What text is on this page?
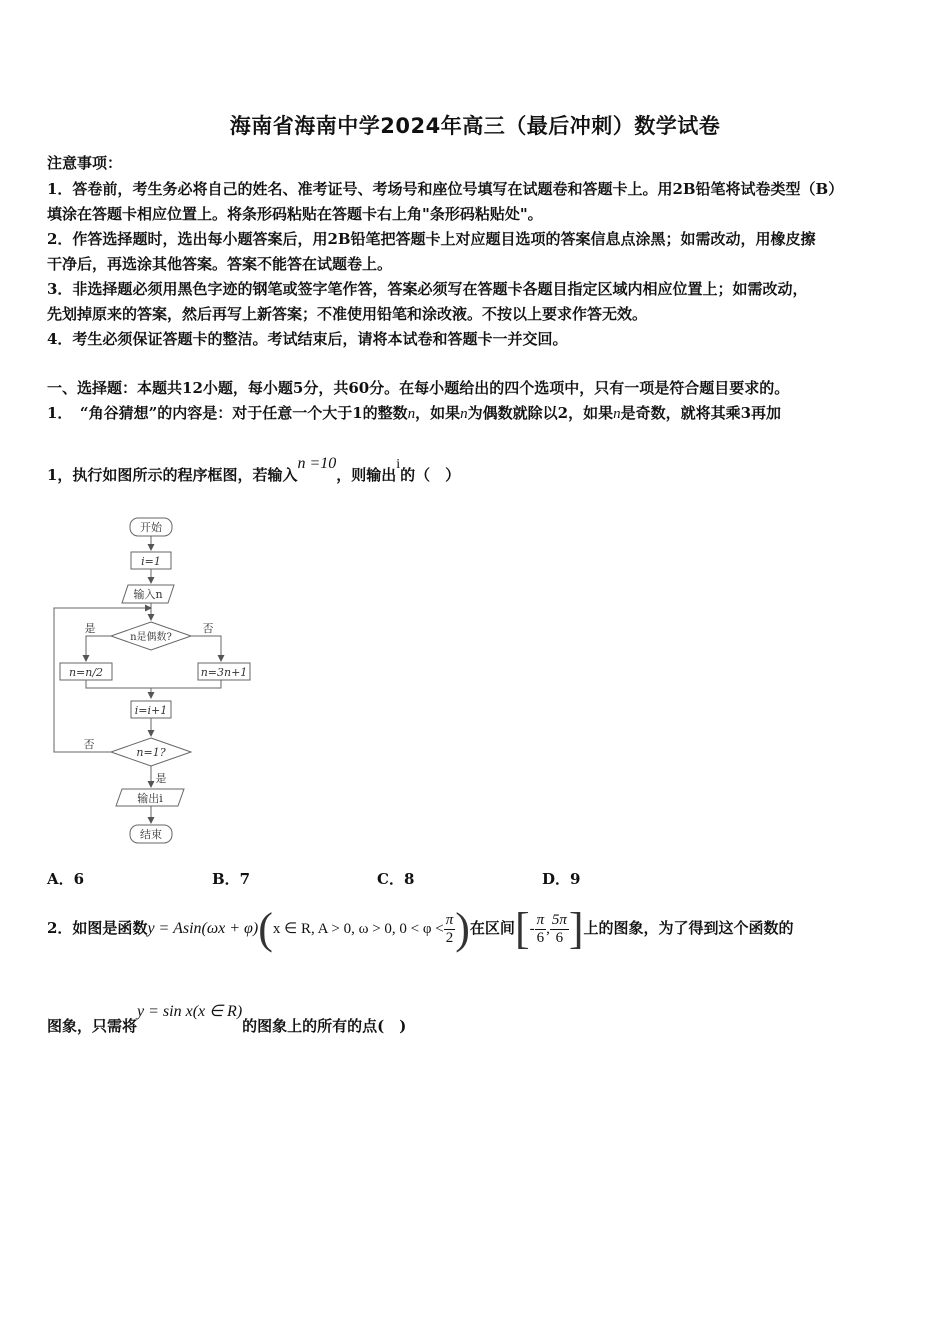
海南省海南中学2024年高三（最后冲刺）数学试卷
注意事项：
1．答卷前，考生务必将自己的姓名、准考证号、考场号和座位号填写在试题卷和答题卡上。用2B铅笔将试卷类型（B）
填涂在答题卡相应位置上。将条形码粘贴在答题卡右上角"条形码粘贴处"。
2．作答选择题时，选出每小题答案后，用2B铅笔把答题卡上对应题目选项的答案信息点涂黑；如需改动，用橡皮擦
干净后，再选涂其他答案。答案不能答在试题卷上。
3．非选择题必须用黑色字迹的钢笔或签字笔作答，答案必须写在答题卡各题目指定区域内相应位置上；如需改动，
先划掉原来的答案，然后再写上新答案；不准使用铅笔和涂改液。不按以上要求作答无效。
4．考生必须保证答题卡的整洁。考试结束后，请将本试卷和答题卡一并交回。
一、选择题：本题共12小题，每小题5分，共60分。在每小题给出的四个选项中，只有一项是符合题目要求的。
1．　“角谷猜想”的内容是：对于任意一个大于1的整数n，如果n为偶数就除以2，如果n是奇数，就将其乘3再加
1，执行如图所示的程序框图，若输入n =10，则输出i的（　）
开始
i=1
输入n
n是偶数?
是	否
n=n/2	n=3n+1
i=i+1
n=1?
否
是
输出i
结束
A．6	B．7	C．8	D．9
2．如图是函数y = Asin(ωx + φ)(x ∈ R, A > 0, ω > 0, $0 < \varphi < \frac{\pi}{2}$ )在区间[- $\frac{\pi}{6}$ , $\frac{5\pi}{6}$ ]上的图象，为了得到这个函数的
图象，只需将y = sin x(x ∈ R)的图象上的所有的点(　)
